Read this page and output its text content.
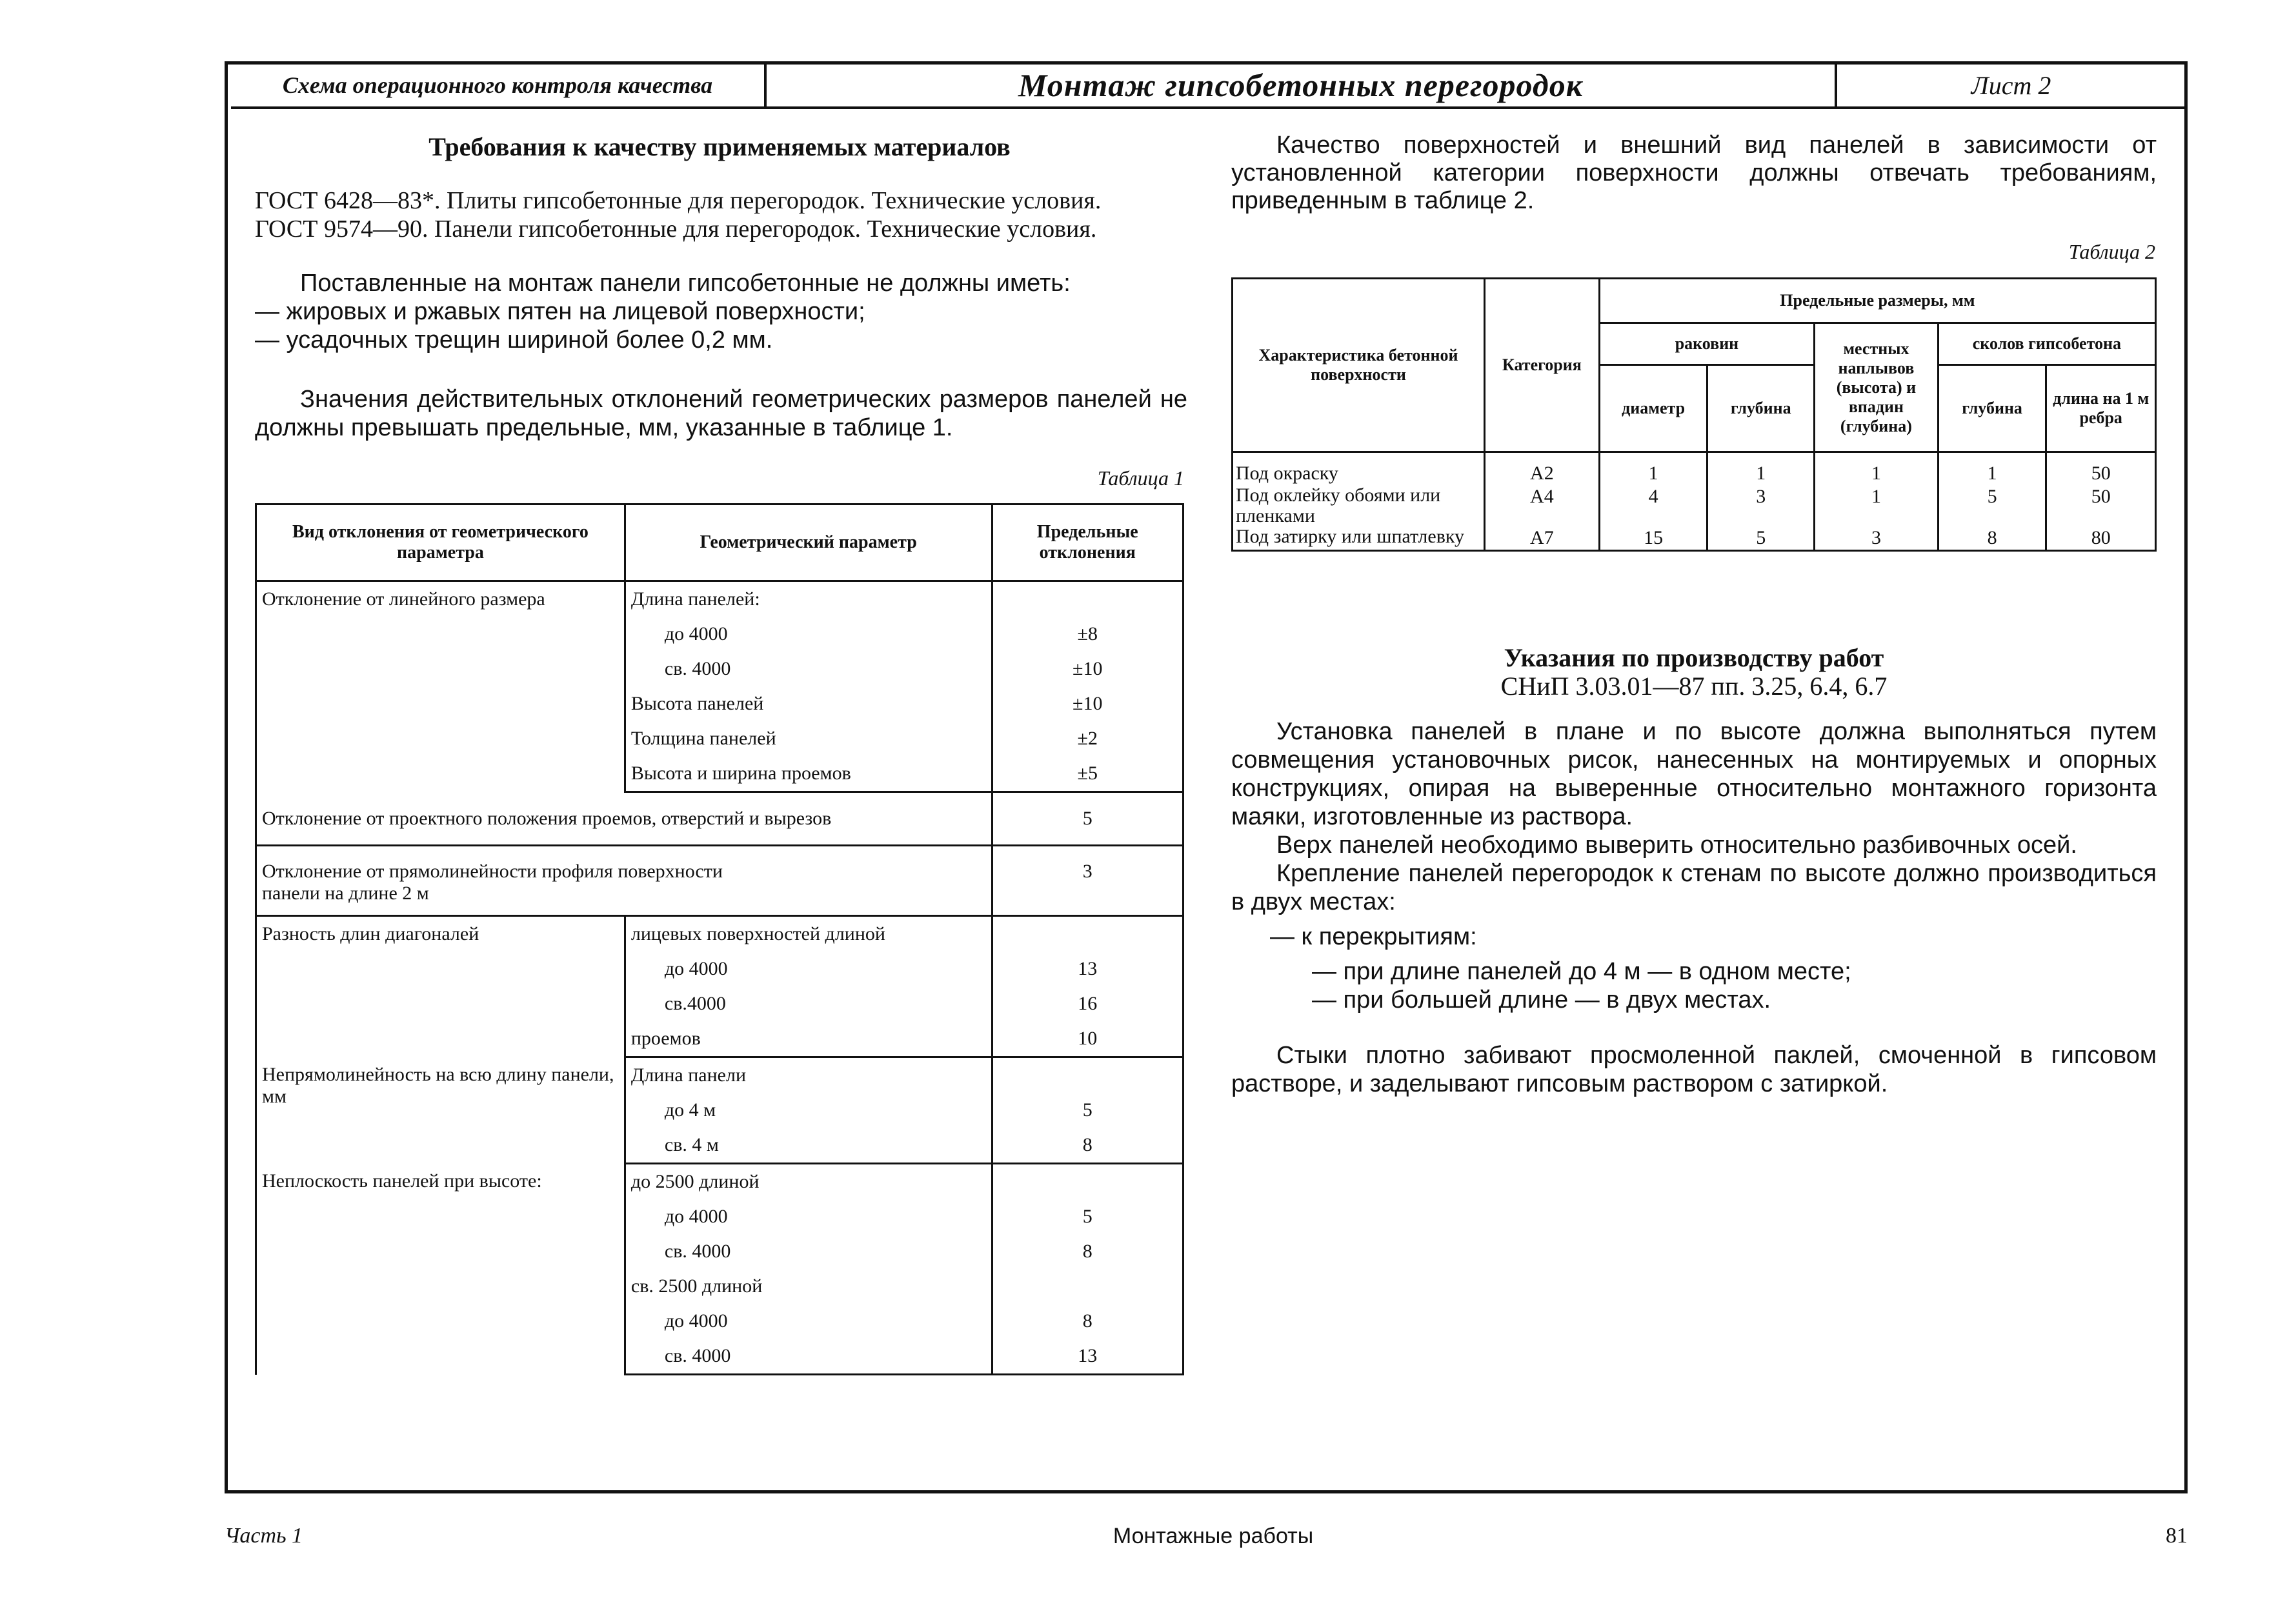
Схема операционного контроля качества	Монтаж гипсобетонных перегородок	Лист 2
Требования к качеству применяемых материалов
ГОСТ 6428—83*. Плиты гипсобетонные для перегородок. Технические условия.
ГОСТ 9574—90. Панели гипсобетонные для перегородок. Технические условия.
Поставленные на монтаж панели гипсобетонные не должны иметь:
— жировых и ржавых пятен на лицевой поверхности;
— усадочных трещин шириной более 0,2 мм.
Значения действительных отклонений геометрических размеров панелей не должны превышать предельные, мм, указанные в таблице 1.
Таблица 1
Вид отклонения от геометрического параметра	Геометрический параметр	Предельные отклонения
Отклонение от линейного размера	Длина панелей:	
	до 4000	±8
	св. 4000	±10
	Высота панелей	±10
	Толщина панелей	±2
	Высота и ширина проемов	±5
Отклонение от проектного положения проемов, отверстий и вырезов		5
Отклонение от прямолинейности профиля поверхности панели на длине 2 м		3
Разность длин диагоналей	лицевых поверхностей длиной	
	до 4000	13
	св.4000	16
	проемов	10
Непрямолинейность на всю длину панели, мм	Длина панели	
	до 4 м	5
	св. 4 м	8
Неплоскость панелей при высоте:	до 2500 длиной	
	до 4000	5
	св. 4000	8
	св. 2500 длиной	
	до 4000	8
	св. 4000	13
Качество поверхностей и внешний вид панелей в зависимости от установленной категории поверхности должны отвечать требованиям, приведенным в таблице 2.
Таблица 2
Характеристика бетонной поверхности	Категория	Предельные размеры, мм				
		раковин		местных наплывов (высота) и впадин (глубина)	сколов гипсобетона	
		диаметр	глубина		глубина	длина на 1 м ребра
Под окраску	А2	1	1	1	1	50
Под оклейку обоями или пленками	А4	4	3	1	5	50
Под затирку или шпатлевку	А7	15	5	3	8	80
Указания по производству работ
СНиП 3.03.01—87 пп. 3.25, 6.4, 6.7
Установка панелей в плане и по высоте должна выполняться путем совмещения установочных рисок, нанесенных на монтируемых и опорных конструкциях, опирая на выверенные относительно монтажного горизонта маяки, изготовленные из раствора.
Верх панелей необходимо выверить относительно разбивочных осей.
Крепление панелей перегородок к стенам по высоте должно производиться в двух местах:
— к перекрытиям:
— при длине панелей до 4 м — в одном месте;
— при большей длине — в двух местах.
Стыки плотно забивают просмоленной паклей, смоченной в гипсовом растворе, и заделывают гипсовым раствором с затиркой.
Часть 1	Монтажные работы	81
